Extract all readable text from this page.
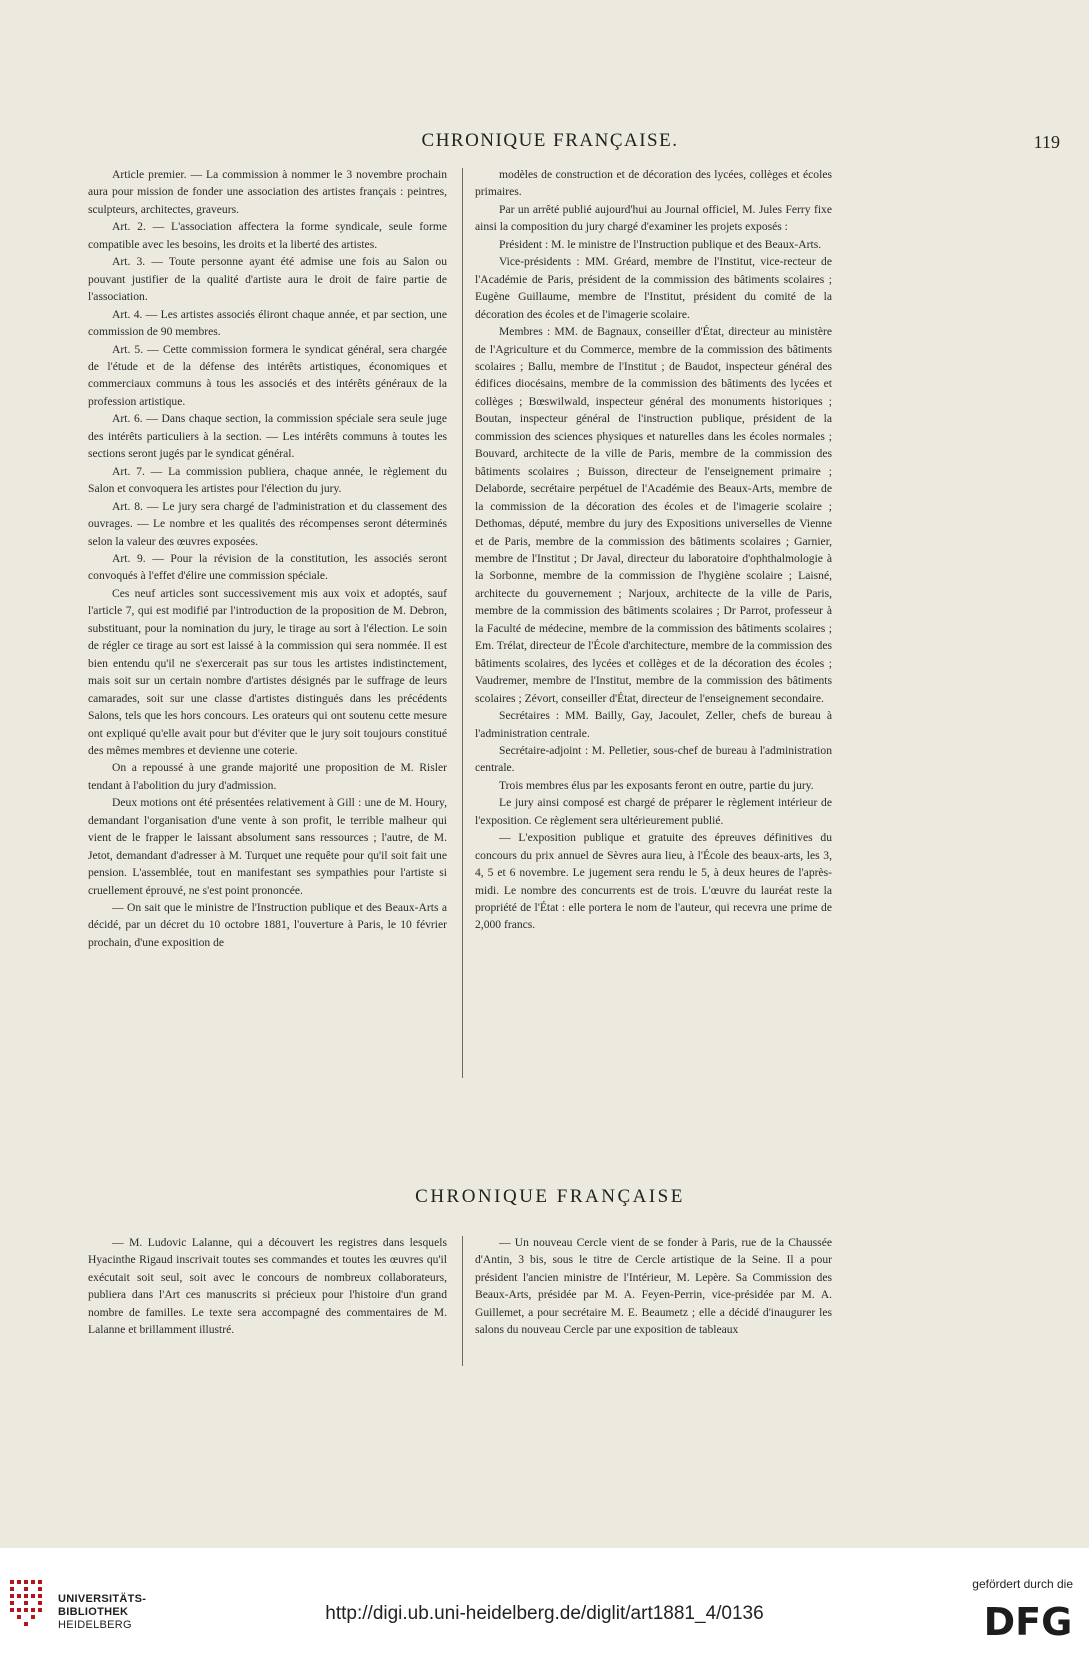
CHRONIQUE FRANÇAISE.	119

Article premier. — La commission à nommer le 3 novembre prochain aura pour mission de fonder une association des artistes français : peintres, sculpteurs, architectes, graveurs.

Art. 2. — L'association affectera la forme syndicale, seule forme compatible avec les besoins, les droits et la liberté des artistes.

Art. 3. — Toute personne ayant été admise une fois au Salon ou pouvant justifier de la qualité d'artiste aura le droit de faire partie de l'association.

Art. 4. — Les artistes associés éliront chaque année, et par section, une commission de 90 membres.

Art. 5. — Cette commission formera le syndicat général, sera chargée de l'étude et de la défense des intérêts artistiques, économiques et commerciaux communs à tous les associés et des intérêts généraux de la profession artistique.

Art. 6. — Dans chaque section, la commission spéciale sera seule juge des intérêts particuliers à la section. — Les intérêts communs à toutes les sections seront jugés par le syndicat général.

Art. 7. — La commission publiera, chaque année, le règlement du Salon et convoquera les artistes pour l'élection du jury.

Art. 8. — Le jury sera chargé de l'administration et du classement des ouvrages. — Le nombre et les qualités des récompenses seront déterminés selon la valeur des œuvres exposées.

Art. 9. — Pour la révision de la constitution, les associés seront convoqués à l'effet d'élire une commission spéciale.

Ces neuf articles sont successivement mis aux voix et adoptés, sauf l'article 7, qui est modifié par l'introduction de la proposition de M. Debron, substituant, pour la nomination du jury, le tirage au sort à l'élection. Le soin de régler ce tirage au sort est laissé à la commission qui sera nommée. Il est bien entendu qu'il ne s'exercerait pas sur tous les artistes indistinctement, mais soit sur un certain nombre d'artistes désignés par le suffrage de leurs camarades, soit sur une classe d'artistes distingués dans les précédents Salons, tels que les hors concours. Les orateurs qui ont soutenu cette mesure ont expliqué qu'elle avait pour but d'éviter que le jury soit toujours constitué des mêmes membres et devienne une coterie.

On a repoussé à une grande majorité une proposition de M. Risler tendant à l'abolition du jury d'admission.

Deux motions ont été présentées relativement à Gill : une de M. Houry, demandant l'organisation d'une vente à son profit, le terrible malheur qui vient de le frapper le laissant absolument sans ressources ; l'autre, de M. Jetot, demandant d'adresser à M. Turquet une requête pour qu'il soit fait une pension. L'assemblée, tout en manifestant ses sympathies pour l'artiste si cruellement éprouvé, ne s'est point prononcée.

— On sait que le ministre de l'Instruction publique et des Beaux-Arts a décidé, par un décret du 10 octobre 1881, l'ouverture à Paris, le 10 février prochain, d'une exposition de

modèles de construction et de décoration des lycées, collèges et écoles primaires.

Par un arrêté publié aujourd'hui au Journal officiel, M. Jules Ferry fixe ainsi la composition du jury chargé d'examiner les projets exposés :

Président : M. le ministre de l'Instruction publique et des Beaux-Arts.

Vice-présidents : MM. Gréard, membre de l'Institut, vice-recteur de l'Académie de Paris, président de la commission des bâtiments scolaires ; Eugène Guillaume, membre de l'Institut, président du comité de la décoration des écoles et de l'imagerie scolaire.

Membres : MM. de Bagnaux, conseiller d'État, directeur au ministère de l'Agriculture et du Commerce, membre de la commission des bâtiments scolaires ; Ballu, membre de l'Institut ; de Baudot, inspecteur général des édifices diocésains, membre de la commission des bâtiments des lycées et collèges ; Bœswilwald, inspecteur général des monuments historiques ; Boutan, inspecteur général de l'instruction publique, président de la commission des sciences physiques et naturelles dans les écoles normales ; Bouvard, architecte de la ville de Paris, membre de la commission des bâtiments scolaires ; Buisson, directeur de l'enseignement primaire ; Delaborde, secrétaire perpétuel de l'Académie des Beaux-Arts, membre de la commission de la décoration des écoles et de l'imagerie scolaire ; Dethomas, député, membre du jury des Expositions universelles de Vienne et de Paris, membre de la commission des bâtiments scolaires ; Garnier, membre de l'Institut ; Dr Javal, directeur du laboratoire d'ophthalmologie à la Sorbonne, membre de la commission de l'hygiène scolaire ; Laisné, architecte du gouvernement ; Narjoux, architecte de la ville de Paris, membre de la commission des bâtiments scolaires ; Dr Parrot, professeur à la Faculté de médecine, membre de la commission des bâtiments scolaires ; Em. Trélat, directeur de l'École d'architecture, membre de la commission des bâtiments scolaires, des lycées et collèges et de la décoration des écoles ; Vaudremer, membre de l'Institut, membre de la commission des bâtiments scolaires ; Zévort, conseiller d'État, directeur de l'enseignement secondaire.

Secrétaires : MM. Bailly, Gay, Jacoulet, Zeller, chefs de bureau à l'administration centrale.

Secrétaire-adjoint : M. Pelletier, sous-chef de bureau à l'administration centrale.

Trois membres élus par les exposants feront en outre, partie du jury.

Le jury ainsi composé est chargé de préparer le règlement intérieur de l'exposition. Ce règlement sera ultérieurement publié.

— L'exposition publique et gratuite des épreuves définitives du concours du prix annuel de Sèvres aura lieu, à l'École des beaux-arts, les 3, 4, 5 et 6 novembre. Le jugement sera rendu le 5, à deux heures de l'après-midi. Le nombre des concurrents est de trois. L'œuvre du lauréat reste la propriété de l'État : elle portera le nom de l'auteur, qui recevra une prime de 2,000 francs.

CHRONIQUE FRANÇAISE

— M. Ludovic Lalanne, qui a découvert les registres dans lesquels Hyacinthe Rigaud inscrivait toutes ses commandes et toutes les œuvres qu'il exécutait soit seul, soit avec le concours de nombreux collaborateurs, publiera dans l'Art ces manuscrits si précieux pour l'histoire d'un grand nombre de familles. Le texte sera accompagné des commentaires de M. Lalanne et brillamment illustré.

— Un nouveau Cercle vient de se fonder à Paris, rue de la Chaussée d'Antin, 3 bis, sous le titre de Cercle artistique de la Seine. Il a pour président l'ancien ministre de l'Intérieur, M. Lepère. Sa Commission des Beaux-Arts, présidée par M. A. Feyen-Perrin, vice-présidée par M. A. Guillemet, a pour secrétaire M. E. Beaumetz ; elle a décidé d'inaugurer les salons du nouveau Cercle par une exposition de tableaux

UNIVERSITÄTS-
BIBLIOTHEK
HEIDELBERG
http://digi.ub.uni-heidelberg.de/diglit/art1881_4/0136
gefördert durch die
DFG
